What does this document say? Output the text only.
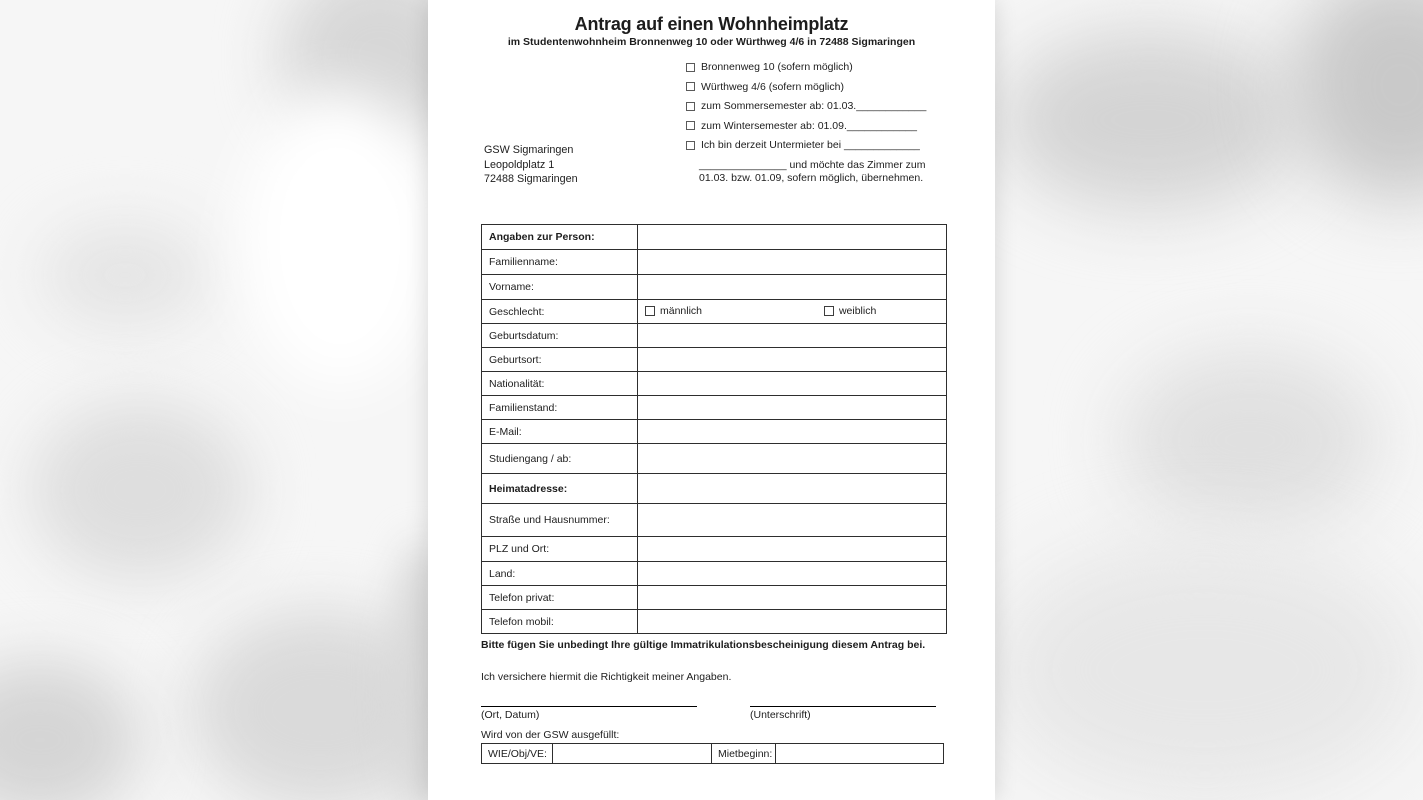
Antrag auf einen Wohnheimplatz
im Studentenwohnheim Bronnenweg 10 oder Würthweg 4/6 in 72488 Sigmaringen
Bronnenweg 10 (sofern möglich)
Würthweg 4/6 (sofern möglich)
zum Sommersemester ab: 01.03.____________
zum Wintersemester ab: 01.09.____________
Ich bin derzeit Untermieter bei _____________
_______________ und möchte das Zimmer zum
01.03. bzw. 01.09, sofern möglich, übernehmen.
GSW Sigmaringen
Leopoldplatz 1
72488 Sigmaringen
Angaben zur Person:	
Familienname:	
Vorname:	
Geschlecht:	männlich
weiblich

Geburtsdatum:	
Geburtsort:	
Nationalität:	
Familienstand:	
E-Mail:	
Studiengang / ab:	
Heimatadresse:	
Straße und Hausnummer:	
PLZ und Ort:	
Land:	
Telefon privat:	
Telefon mobil:	
Bitte fügen Sie unbedingt Ihre gültige Immatrikulationsbescheinigung diesem Antrag bei.
Ich versichere hiermit die Richtigkeit meiner Angaben.
(Ort, Datum)	(Unterschrift)
Wird von der GSW ausgefüllt:
WIE/Obj/VE:		Mietbeginn:	
